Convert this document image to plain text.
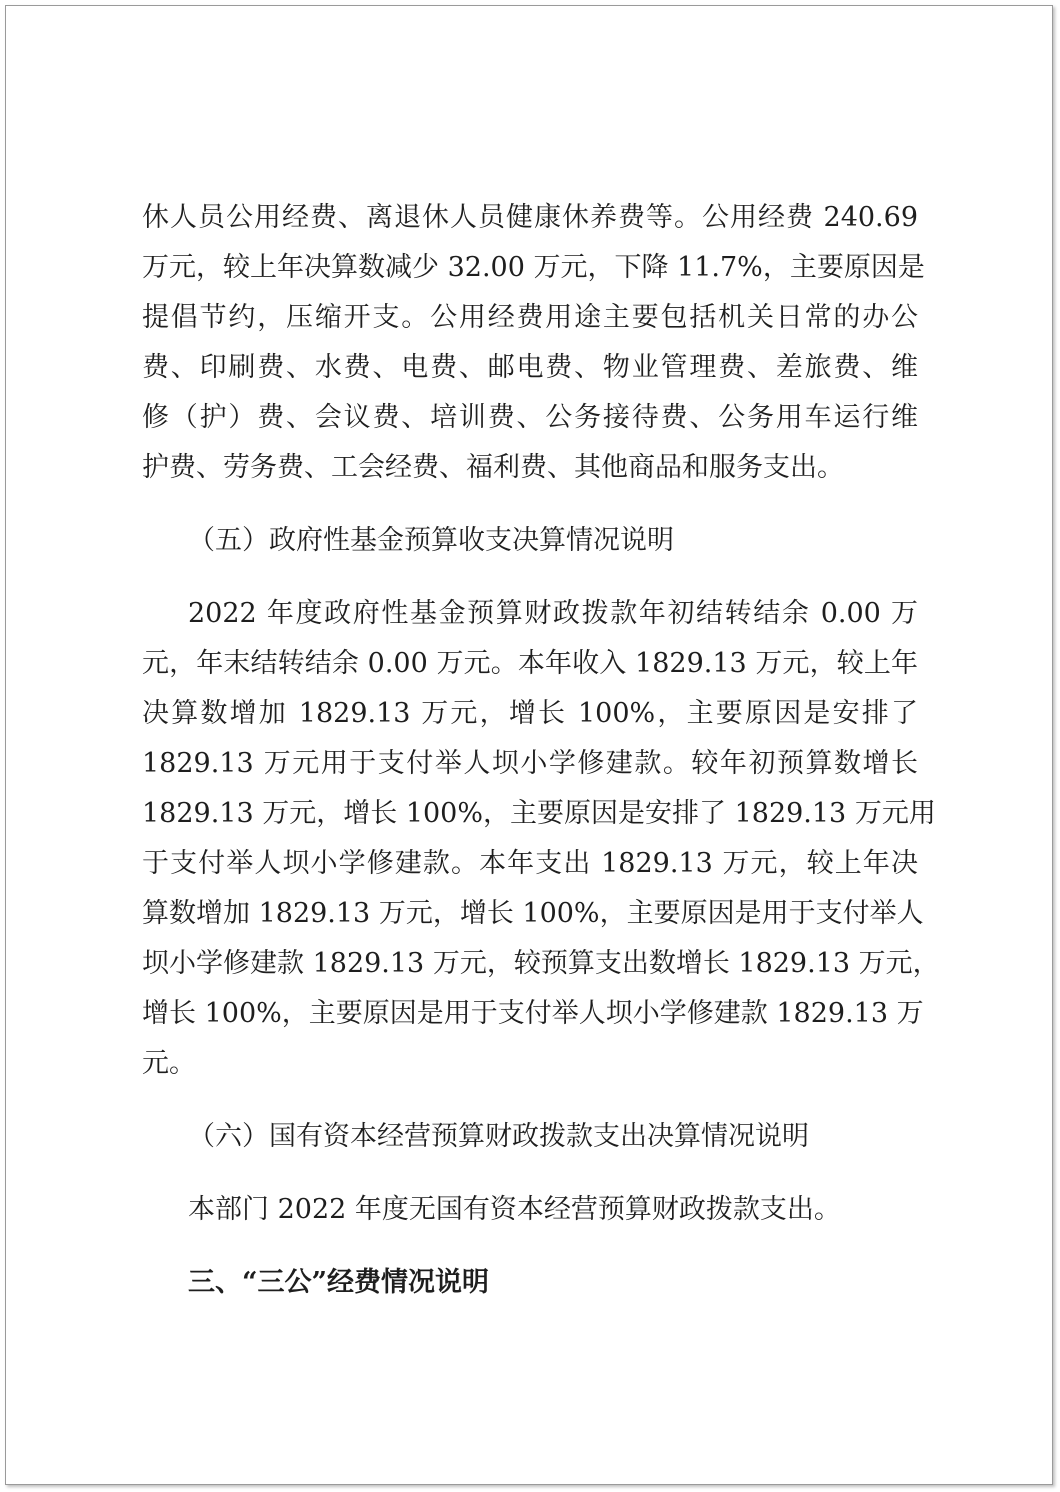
休人员公用经费、离退休人员健康休养费等。公用经费 240.69
万元，较上年决算数减少 32.00 万元，下降 11.7%，主要原因是
提倡节约，压缩开支。公用经费用途主要包括机关日常的办公
费、印刷费、水费、电费、邮电费、物业管理费、差旅费、维
修（护）费、会议费、培训费、公务接待费、公务用车运行维
护费、劳务费、工会经费、福利费、其他商品和服务支出。
（五）政府性基金预算收支决算情况说明
2022 年度政府性基金预算财政拨款年初结转结余 0.00 万
元，年末结转结余 0.00 万元。本年收入 1829.13 万元，较上年
决算数增加 1829.13 万元，增长 100%，主要原因是安排了
1829.13 万元用于支付举人坝小学修建款。较年初预算数增长
1829.13 万元，增长 100%，主要原因是安排了 1829.13 万元用
于支付举人坝小学修建款。本年支出 1829.13 万元，较上年决
算数增加 1829.13 万元，增长 100%，主要原因是用于支付举人
坝小学修建款 1829.13 万元，较预算支出数增长 1829.13 万元，
增长 100%，主要原因是用于支付举人坝小学修建款 1829.13 万
元。
（六）国有资本经营预算财政拨款支出决算情况说明
本部门 2022 年度无国有资本经营预算财政拨款支出。
三、“三公”经费情况说明
